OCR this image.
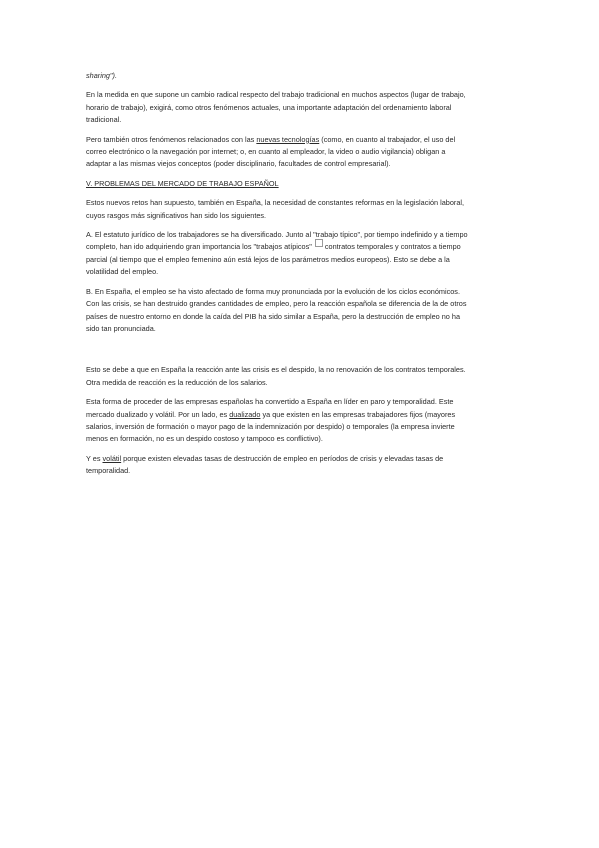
sharing").

En la medida en que supone un cambio radical respecto del trabajo tradicional en muchos aspectos (lugar de trabajo, horario de trabajo), exigirá, como otros fenómenos actuales, una importante adaptación del ordenamiento laboral tradicional.

Pero también otros fenómenos relacionados con las nuevas tecnologías (como, en cuanto al trabajador, el uso del correo electrónico o la navegación por internet; o, en cuanto al empleador, la video o audio vigilancia) obligan a adaptar a las mismas viejos conceptos (poder disciplinario, facultades de control empresarial).

V. PROBLEMAS DEL MERCADO DE TRABAJO ESPAÑOL

Estos nuevos retos han supuesto, también en España, la necesidad de constantes reformas en la legislación laboral, cuyos rasgos más significativos han sido los siguientes.

A. El estatuto jurídico de los trabajadores se ha diversificado. Junto al "trabajo típico", por tiempo indefinido y a tiempo completo, han ido adquiriendo gran importancia los "trabajos atípicos" contratos temporales y contratos a tiempo parcial (al tiempo que el empleo femenino aún está lejos de los parámetros medios europeos). Esto se debe a la volatilidad del empleo.

B. En España, el empleo se ha visto afectado de forma muy pronunciada por la evolución de los ciclos económicos. Con las crisis, se han destruido grandes cantidades de empleo, pero la reacción española se diferencia de la de otros países de nuestro entorno en donde la caída del PIB ha sido similar a España, pero la destrucción de empleo no ha sido tan pronunciada.

Esto se debe a que en España la reacción ante las crisis es el despido, la no renovación de los contratos temporales. Otra medida de reacción es la reducción de los salarios.

Esta forma de proceder de las empresas españolas ha convertido a España en líder en paro y temporalidad. Este mercado dualizado y volátil. Por un lado, es dualizado ya que existen en las empresas trabajadores fijos (mayores salarios, inversión de formación o mayor pago de la indemnización por despido) o temporales (la empresa invierte menos en formación, no es un despido costoso y tampoco es conflictivo).

Y es volátil porque existen elevadas tasas de destrucción de empleo en períodos de crisis y elevadas tasas de temporalidad.
